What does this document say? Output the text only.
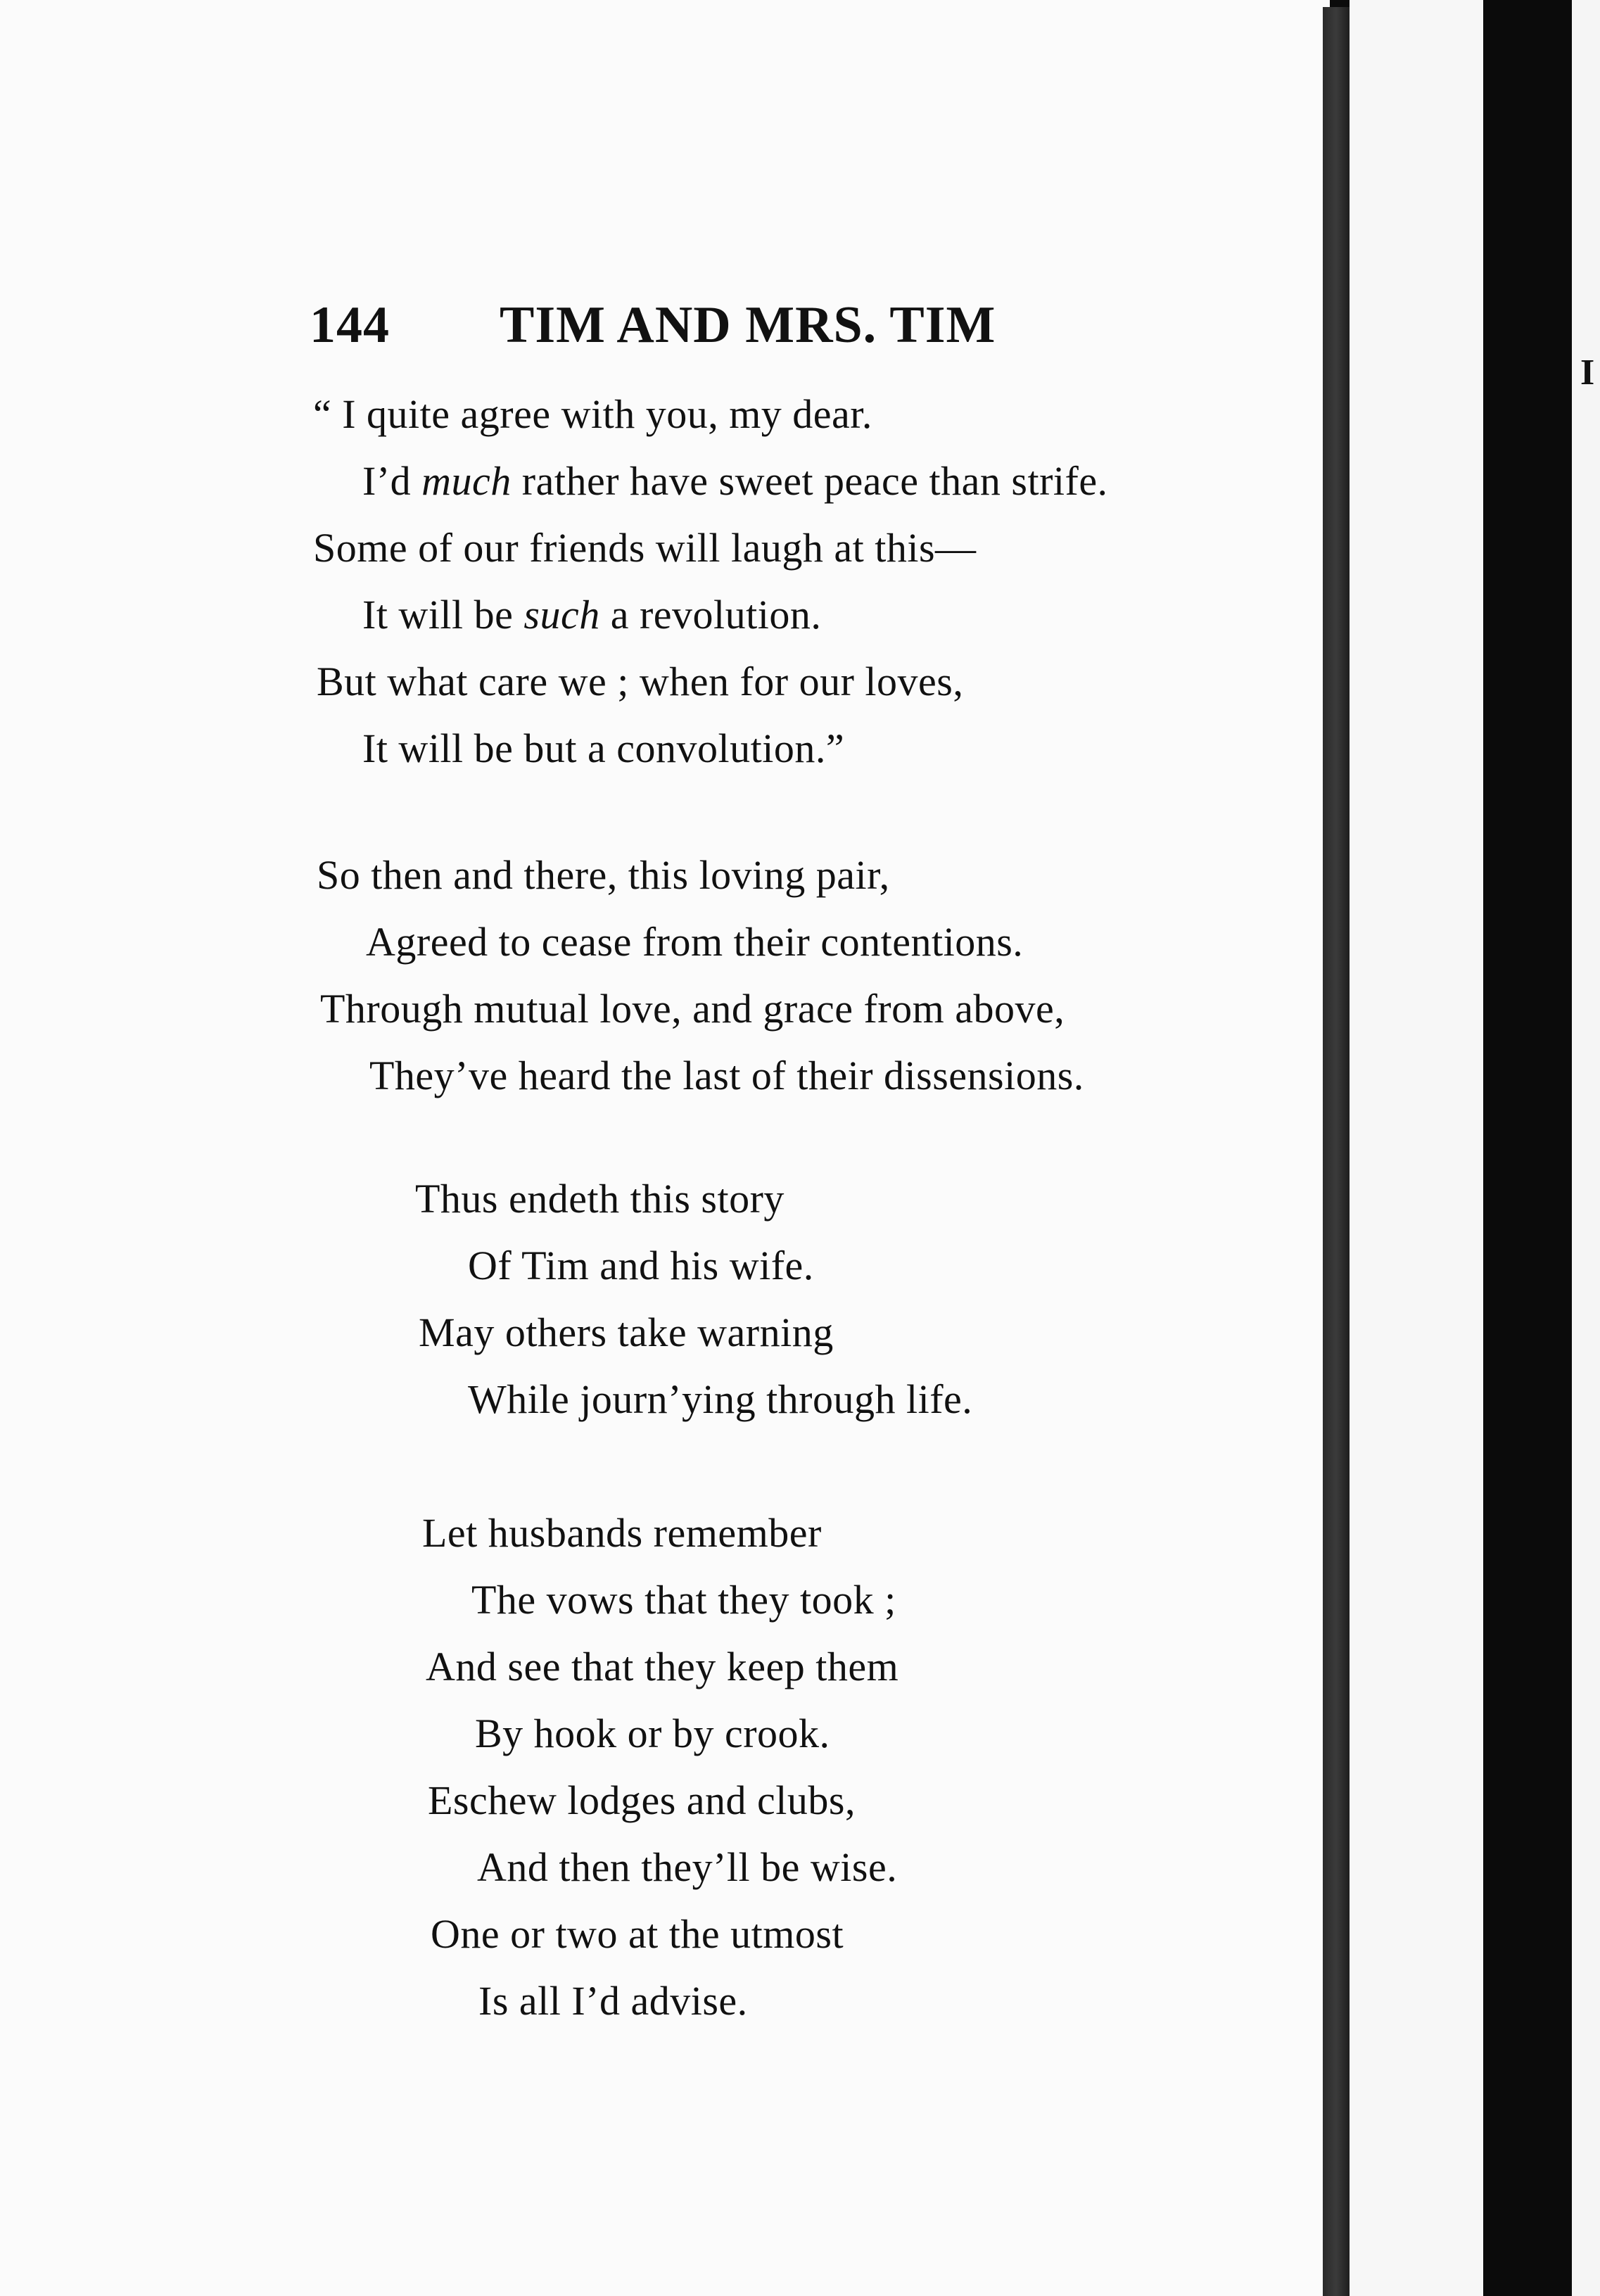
I
144 TIM AND MRS. TIM
“ I quite agree with you, my dear.
I’d much rather have sweet peace than strife.
Some of our friends will laugh at this—
It will be such a revolution.
But what care we ; when for our loves,
It will be but a convolution.”
So then and there, this loving pair,
Agreed to cease from their contentions.
Through mutual love, and grace from above,
They’ve heard the last of their dissensions.
Thus endeth this story
Of Tim and his wife.
May others take warning
While journ’ying through life.
Let husbands remember
The vows that they took ;
And see that they keep them
By hook or by crook.
Eschew lodges and clubs,
And then they’ll be wise.
One or two at the utmost
Is all I’d advise.
